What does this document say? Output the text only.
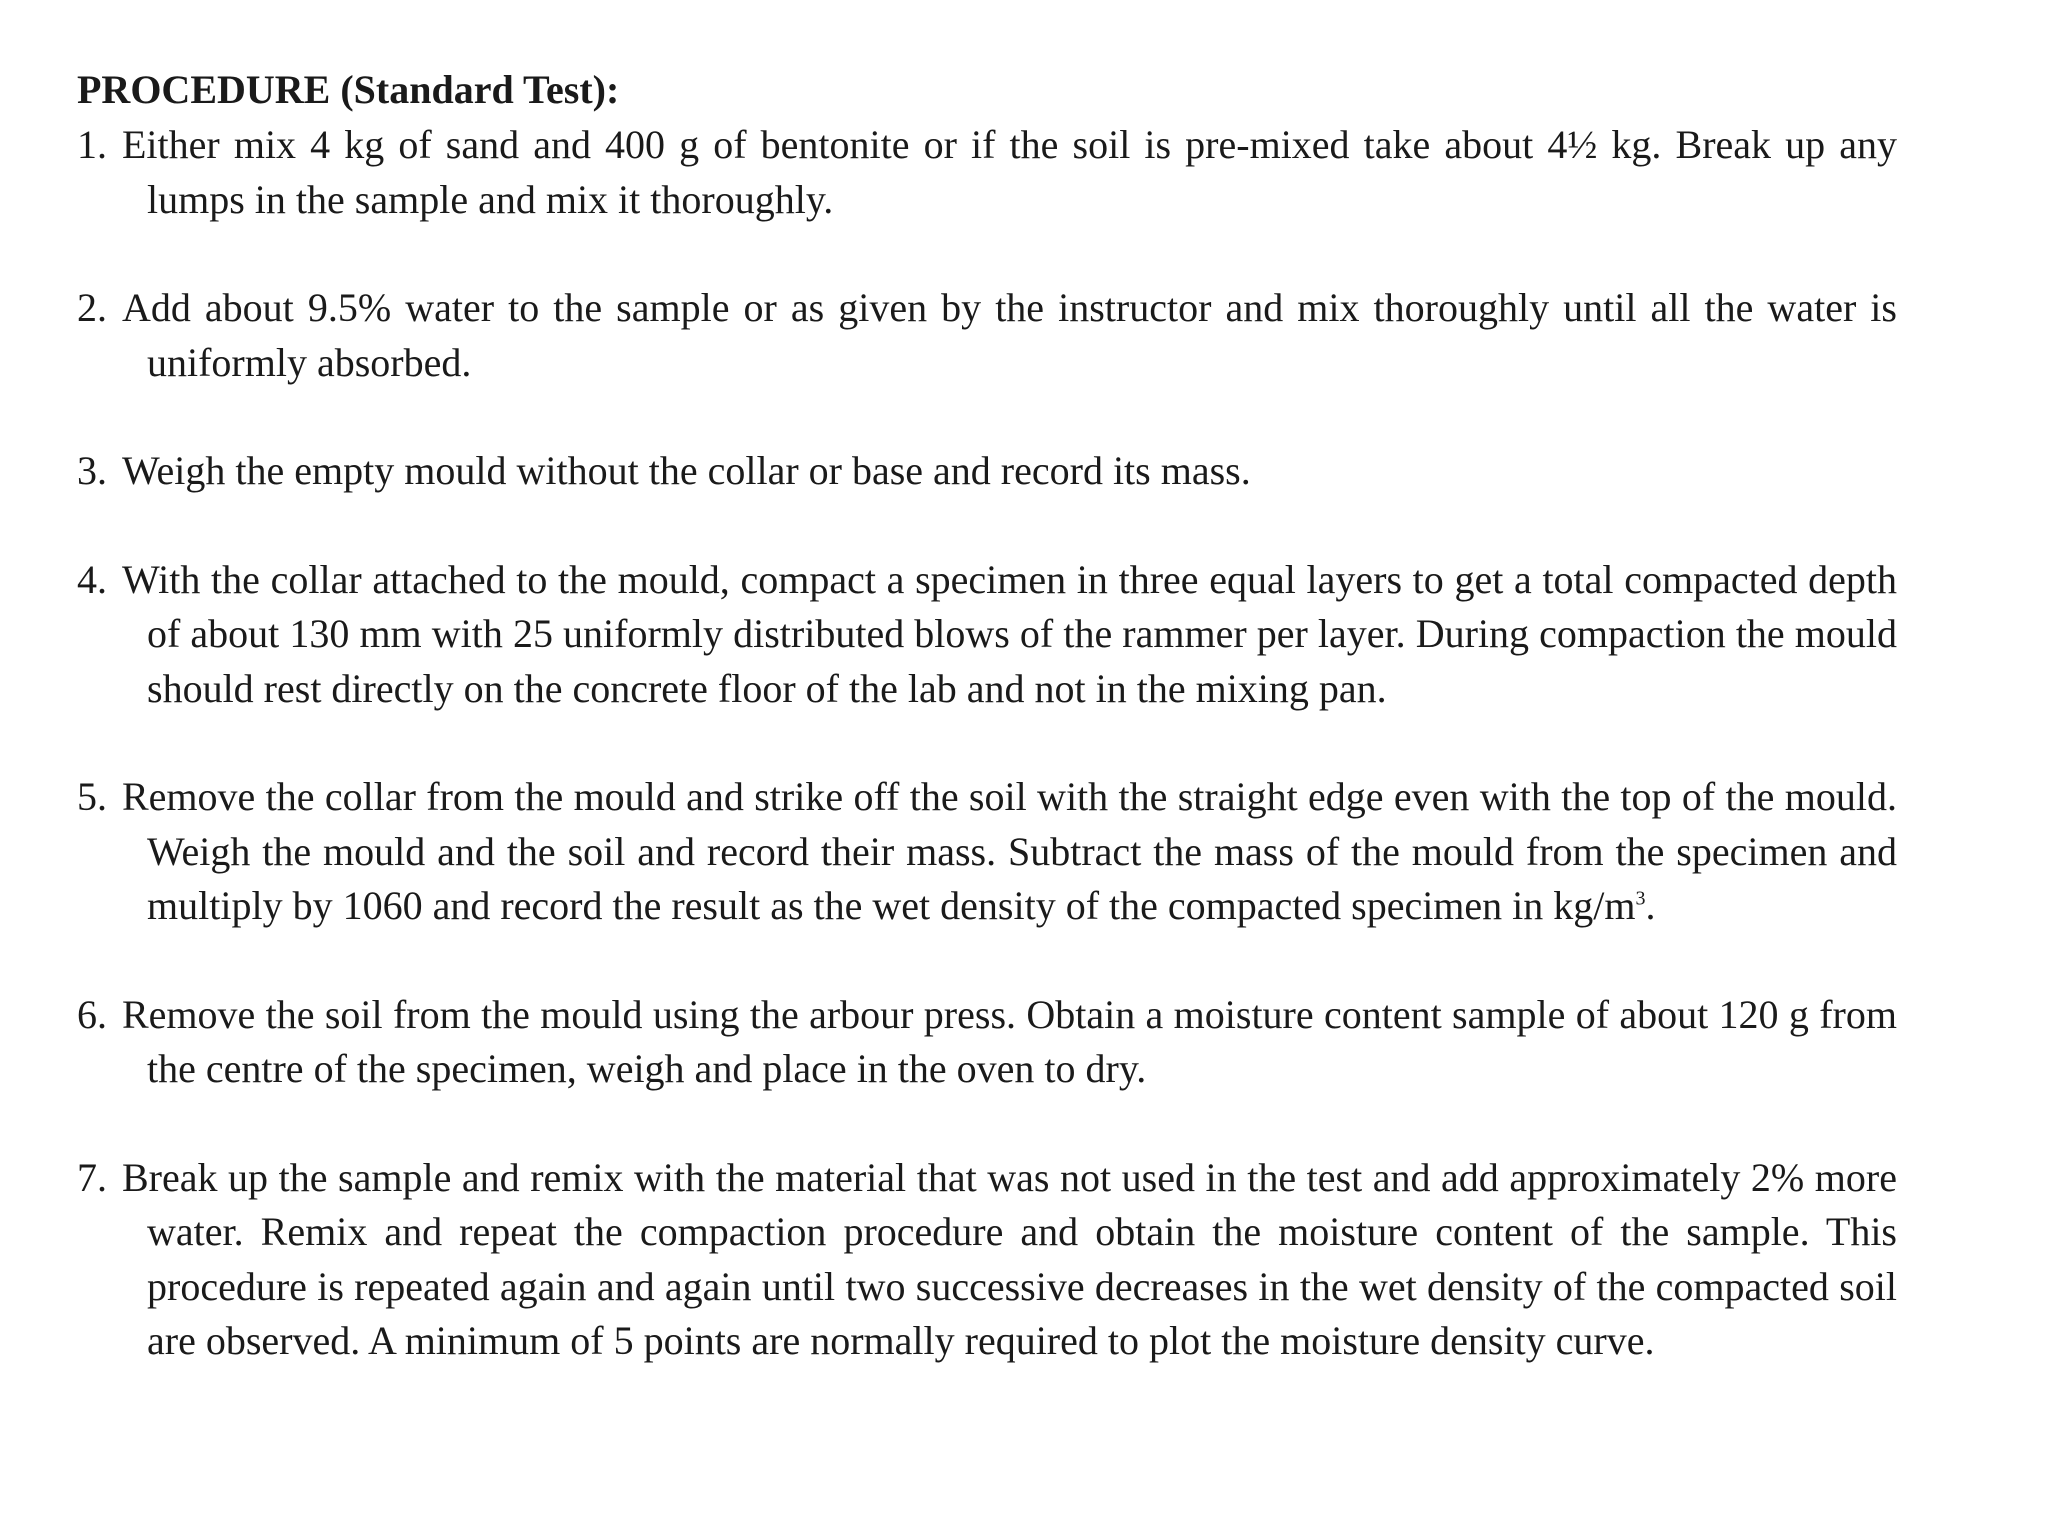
PROCEDURE (Standard Test):

1. Either mix 4 kg of sand and 400 g of bentonite or if the soil is pre-mixed take about 4½ kg. Break up any lumps in the sample and mix it thoroughly.

2. Add about 9.5% water to the sample or as given by the instructor and mix thoroughly until all the water is uniformly absorbed.

3. Weigh the empty mould without the collar or base and record its mass.

4. With the collar attached to the mould, compact a specimen in three equal layers to get a total compacted depth of about 130 mm with 25 uniformly distributed blows of the rammer per layer. During compaction the mould should rest directly on the concrete floor of the lab and not in the mixing pan.

5. Remove the collar from the mould and strike off the soil with the straight edge even with the top of the mould. Weigh the mould and the soil and record their mass. Subtract the mass of the mould from the specimen and multiply by 1060 and record the result as the wet density of the compacted specimen in $kg/m^3$.

6. Remove the soil from the mould using the arbour press. Obtain a moisture content sample of about 120 g from the centre of the specimen, weigh and place in the oven to dry.

7. Break up the sample and remix with the material that was not used in the test and add approximately 2% more water. Remix and repeat the compaction procedure and obtain the moisture content of the sample. This procedure is repeated again and again until two successive decreases in the wet density of the compacted soil are observed. A minimum of 5 points are normally required to plot the moisture density curve.
